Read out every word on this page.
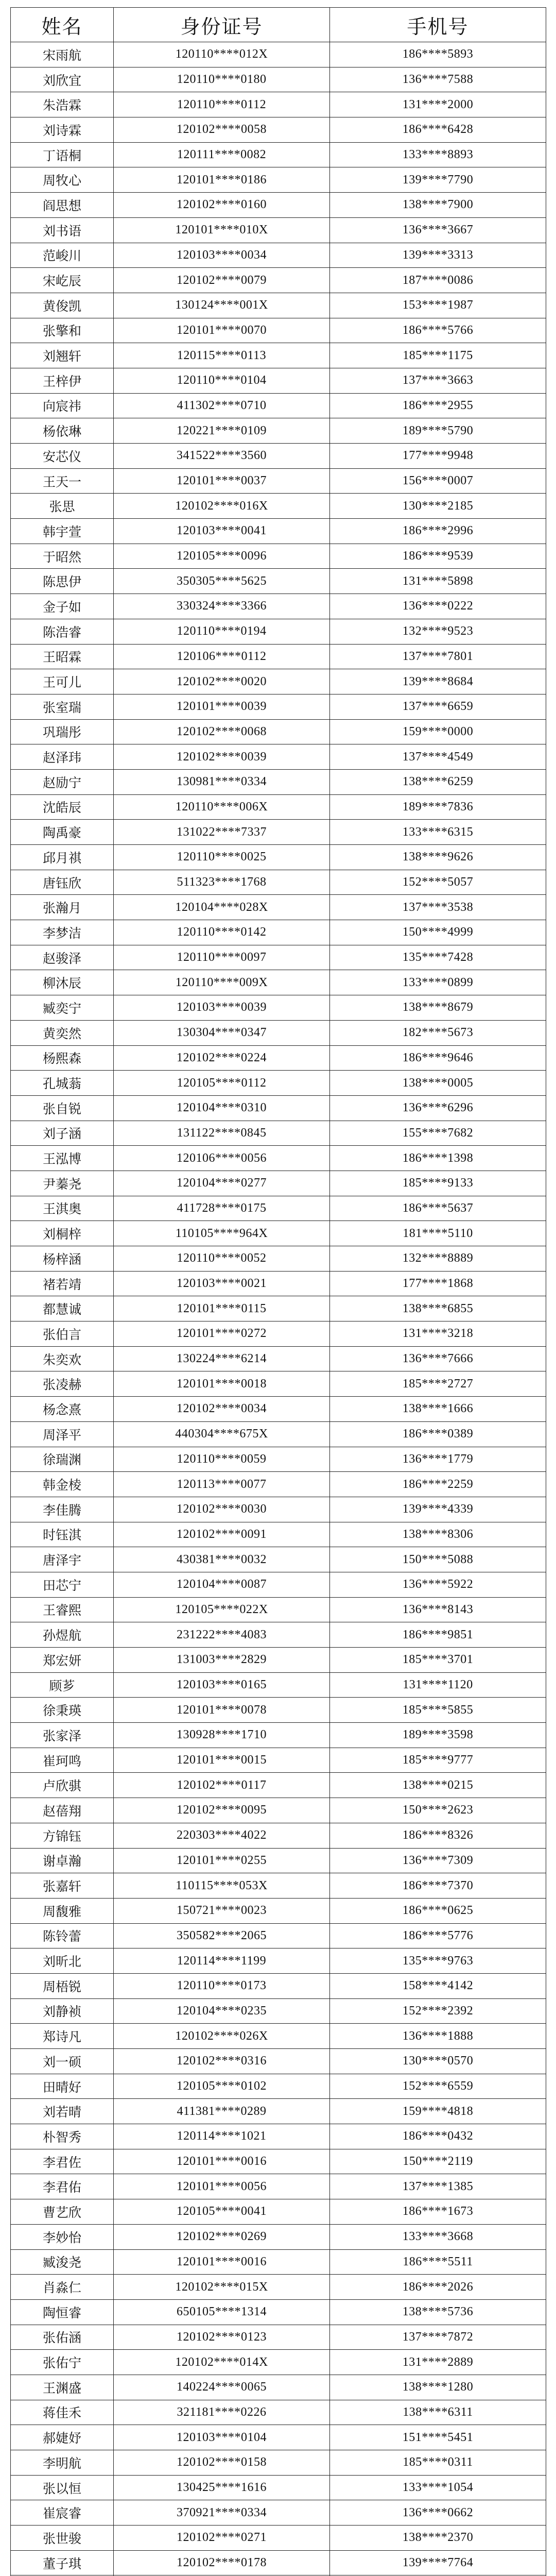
姓名	身份证号	手机号
宋雨航	120110****012X	186****5893
刘欣宜	120110****0180	136****7588
朱浩霖	120110****0112	131****2000
刘诗霖	120102****0058	186****6428
丁语桐	120111****0082	133****8893
周牧心	120101****0186	139****7790
阎思想	120102****0160	138****7900
刘书语	120101****010X	136****3667
范峻川	120103****0034	139****3313
宋屹辰	120102****0079	187****0086
黄俊凯	130124****001X	153****1987
张擎和	120101****0070	186****5766
刘翘轩	120115****0113	185****1175
王梓伊	120110****0104	137****3663
向宸祎	411302****0710	186****2955
杨依琳	120221****0109	189****5790
安芯仪	341522****3560	177****9948
王天一	120101****0037	156****0007
张思	120102****016X	130****2185
韩宇萱	120103****0041	186****2996
于昭然	120105****0096	186****9539
陈思伊	350305****5625	131****5898
金子如	330324****3366	136****0222
陈浩睿	120110****0194	132****9523
王昭霖	120106****0112	137****7801
王可儿	120102****0020	139****8684
张室瑞	120101****0039	137****6659
巩瑞彤	120102****0068	159****0000
赵泽玮	120102****0039	137****4549
赵励宁	130981****0334	138****6259
沈皓辰	120110****006X	189****7836
陶禹豪	131022****7337	133****6315
邱月祺	120110****0025	138****9626
唐钰欣	511323****1768	152****5057
张瀚月	120104****028X	137****3538
李梦洁	120110****0142	150****4999
赵骏泽	120110****0097	135****7428
柳沐辰	120110****009X	133****0899
臧奕宁	120103****0039	138****8679
黄奕然	130304****0347	182****5673
杨熙森	120102****0224	186****9646
孔城蓊	120105****0112	138****0005
张自锐	120104****0310	136****6296
刘子涵	131122****0845	155****7682
王泓博	120106****0056	186****1398
尹蓁尧	120104****0277	185****9133
王淇奥	411728****0175	186****5637
刘桐梓	110105****964X	181****5110
杨梓涵	120110****0052	132****8889
褚若靖	120103****0021	177****1868
都慧诚	120101****0115	138****6855
张伯言	120101****0272	131****3218
朱奕欢	130224****6214	136****7666
张凌赫	120101****0018	185****2727
杨念熹	120102****0034	138****1666
周泽平	440304****675X	186****0389
徐瑞渊	120110****0059	136****1779
韩金棱	120113****0077	186****2259
李佳腾	120102****0030	139****4339
时钰淇	120102****0091	138****8306
唐泽宇	430381****0032	150****5088
田芯宁	120104****0087	136****5922
王睿熙	120105****022X	136****8143
孙煜航	231222****4083	186****9851
郑宏妍	131003****2829	185****3701
顾芗	120103****0165	131****1120
徐秉瑛	120101****0078	185****5855
张家泽	130928****1710	189****3598
崔珂鸣	120101****0015	185****9777
卢欣骐	120102****0117	138****0215
赵蓓翔	120102****0095	150****2623
方锦钰	220303****4022	186****8326
谢卓瀚	120101****0255	136****7309
张嘉轩	110115****053X	186****7370
周馥雅	150721****0023	186****0625
陈铃蕾	350582****2065	186****5776
刘昕北	120114****1199	135****9763
周梧锐	120110****0173	158****4142
刘静祯	120104****0235	152****2392
郑诗凡	120102****026X	136****1888
刘一硕	120102****0316	130****0570
田晴好	120105****0102	152****6559
刘若晴	411381****0289	159****4818
朴智秀	120114****1021	186****0432
李君佐	120101****0016	150****2119
李君佑	120101****0056	137****1385
曹艺欣	120105****0041	186****1673
李妙怡	120102****0269	133****3668
臧浚尧	120101****0016	186****5511
肖淼仁	120102****015X	186****2026
陶恒睿	650105****1314	138****5736
张佑涵	120102****0123	137****7872
张佑宁	120102****014X	131****2889
王渊盛	140224****0065	138****1280
蒋佳禾	321181****0226	138****6311
郝婕妤	120103****0104	151****5451
李明航	120102****0158	185****0311
张以恒	130425****1616	133****1054
崔宸睿	370921****0334	136****0662
张世骏	120102****0271	138****2370
董子琪	120102****0178	139****7764
